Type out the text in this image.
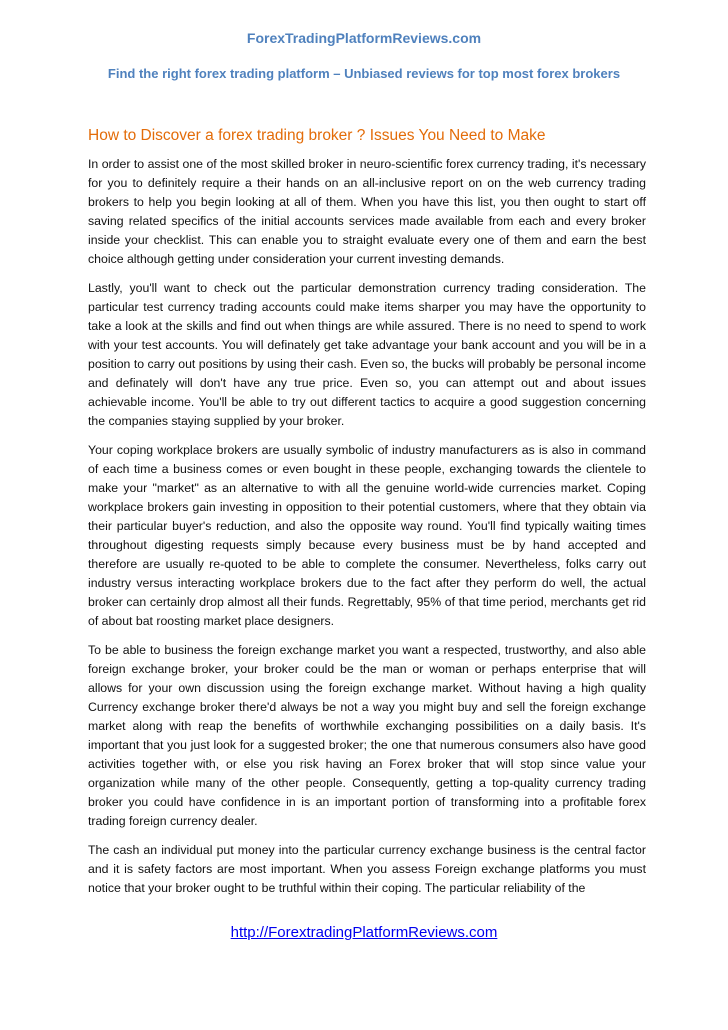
ForexTradingPlatformReviews.com
Find the right forex trading platform – Unbiased reviews for top most forex brokers
How to Discover a forex trading broker ? Issues You Need to Make

In order to assist one of the most skilled broker in neuro-scientific forex currency trading, it's necessary for you to definitely require a their hands on an all-inclusive report on on the web currency trading brokers to help you begin looking at all of them. When you have this list, you then ought to start off saving related specifics of the initial accounts services made available from each and every broker inside your checklist. This can enable you to straight evaluate every one of them and earn the best choice although getting under consideration your current investing demands.

Lastly, you'll want to check out the particular demonstration currency trading consideration. The particular test currency trading accounts could make items sharper you may have the opportunity to take a look at the skills and find out when things are while assured. There is no need to spend to work with your test accounts. You will definately get take advantage your bank account and you will be in a position to carry out positions by using their cash. Even so, the bucks will probably be personal income and definately will don't have any true price. Even so, you can attempt out and about issues achievable income. You'll be able to try out different tactics to acquire a good suggestion concerning the companies staying supplied by your broker.

Your coping workplace brokers are usually symbolic of industry manufacturers as is also in command of each time a business comes or even bought in these people, exchanging towards the clientele to make your "market" as an alternative to with all the genuine world-wide currencies market. Coping workplace brokers gain investing in opposition to their potential customers, where that they obtain via their particular buyer's reduction, and also the opposite way round. You'll find typically waiting times throughout digesting requests simply because every business must be by hand accepted and therefore are usually re-quoted to be able to complete the consumer. Nevertheless, folks carry out industry versus interacting workplace brokers due to the fact after they perform do well, the actual broker can certainly drop almost all their funds. Regrettably, 95% of that time period, merchants get rid of about bat roosting market place designers.

To be able to business the foreign exchange market you want a respected, trustworthy, and also able foreign exchange broker, your broker could be the man or woman or perhaps enterprise that will allows for your own discussion using the foreign exchange market. Without having a high quality Currency exchange broker there'd always be not a way you might buy and sell the foreign exchange market along with reap the benefits of worthwhile exchanging possibilities on a daily basis. It's important that you just look for a suggested broker; the one that numerous consumers also have good activities together with, or else you risk having an Forex broker that will stop since value your organization while many of the other people. Consequently, getting a top-quality currency trading broker you could have confidence in is an important portion of transforming into a profitable forex trading foreign currency dealer.

The cash an individual put money into the particular currency exchange business is the central factor and it is safety factors are most important. When you assess Foreign exchange platforms you must notice that your broker ought to be truthful within their coping. The particular reliability of the

http://ForextradingPlatformReviews.com
